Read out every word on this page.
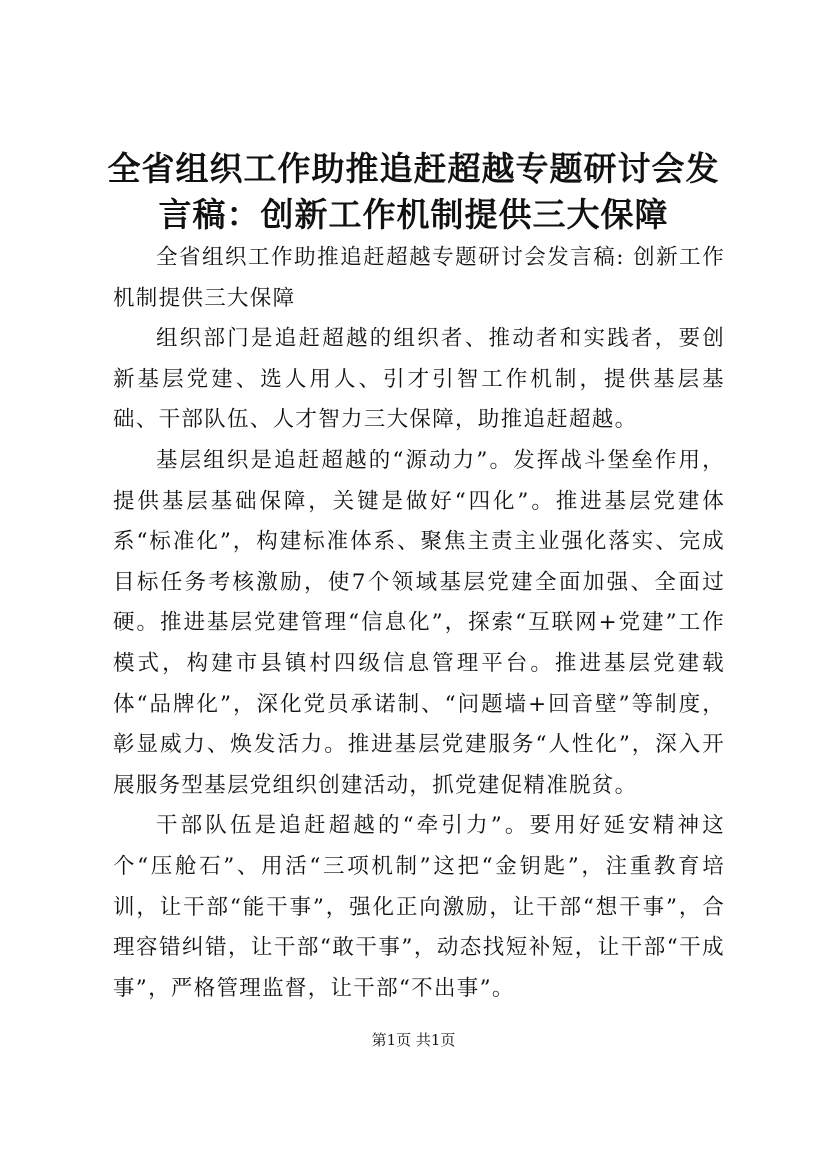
全省组织工作助推追赶超越专题研讨会发言稿：创新工作机制提供三大保障

全省组织工作助推追赶超越专题研讨会发言稿: 创新工作机制提供三大保障

组织部门是追赶超越的组织者、推动者和实践者，要创新基层党建、选人用人、引才引智工作机制，提供基层基础、干部队伍、人才智力三大保障，助推追赶超越。

基层组织是追赶超越的“源动力”。发挥战斗堡垒作用，提供基层基础保障，关键是做好“四化”。推进基层党建体系“标准化”，构建标准体系、聚焦主责主业强化落实、完成目标任务考核激励，使7个领域基层党建全面加强、全面过硬。推进基层党建管理“信息化”，探索“互联网+党建”工作模式，构建市县镇村四级信息管理平台。推进基层党建载体“品牌化”，深化党员承诺制、“问题墙+回音壁”等制度，彰显威力、焕发活力。推进基层党建服务“人性化”，深入开展服务型基层党组织创建活动，抓党建促精准脱贫。

干部队伍是追赶超越的“牵引力”。要用好延安精神这个“压舱石”、用活“三项机制”这把“金钥匙”，注重教育培训，让干部“能干事”，强化正向激励，让干部“想干事”，合理容错纠错，让干部“敢干事”，动态找短补短，让干部“干成事”，严格管理监督，让干部“不出事”。

第1页 共1页
